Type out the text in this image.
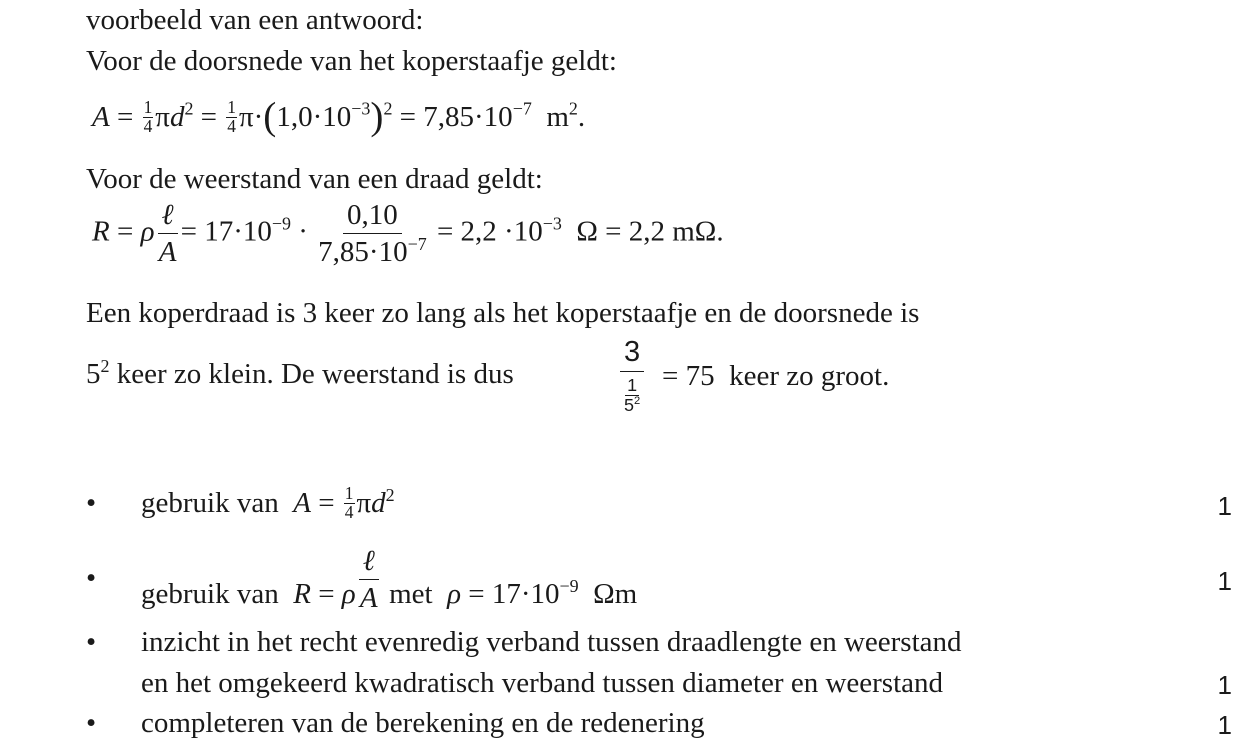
voorbeeld van een antwoord:
Voor de doorsnede van het koperstaafje geldt:
$A = \frac{1}{4} \pi d^2 = \frac{1}{4} \pi\cdot(1,0\cdot 10^{-3})^2 = 7,85\cdot 10^{-7}$ $m^2$.
Voor de weerstand van een draad geldt:
R = ρ $\frac{\text{ℓ}}{A} = 17\cdot 10^{-9} \cdot \frac{0,10}{7,85\cdot 10^{-7}} = 2,2 \cdot 10^{-3}$ Ω = 2,2 mΩ.
Een koperdraad is 3 keer zo lang als het koperstaafje en de doorsnede is
$5^2$ keer zo klein. De weerstand is dus
3
1
$5^2$
= 75 keer zo groot.
• gebruik van $A = \frac{1}{4} \pi d^2$	1
• gebruik van R = ρ $\frac{\text{ℓ}}{A}$ met $\rho = 17\cdot 10^{-9}$  Ωm	1
• inzicht in het recht evenredig verband tussen draadlengte en weerstand
en het omgekeerd kwadratisch verband tussen diameter en weerstand	1
• completeren van de berekening en de redenering	1
